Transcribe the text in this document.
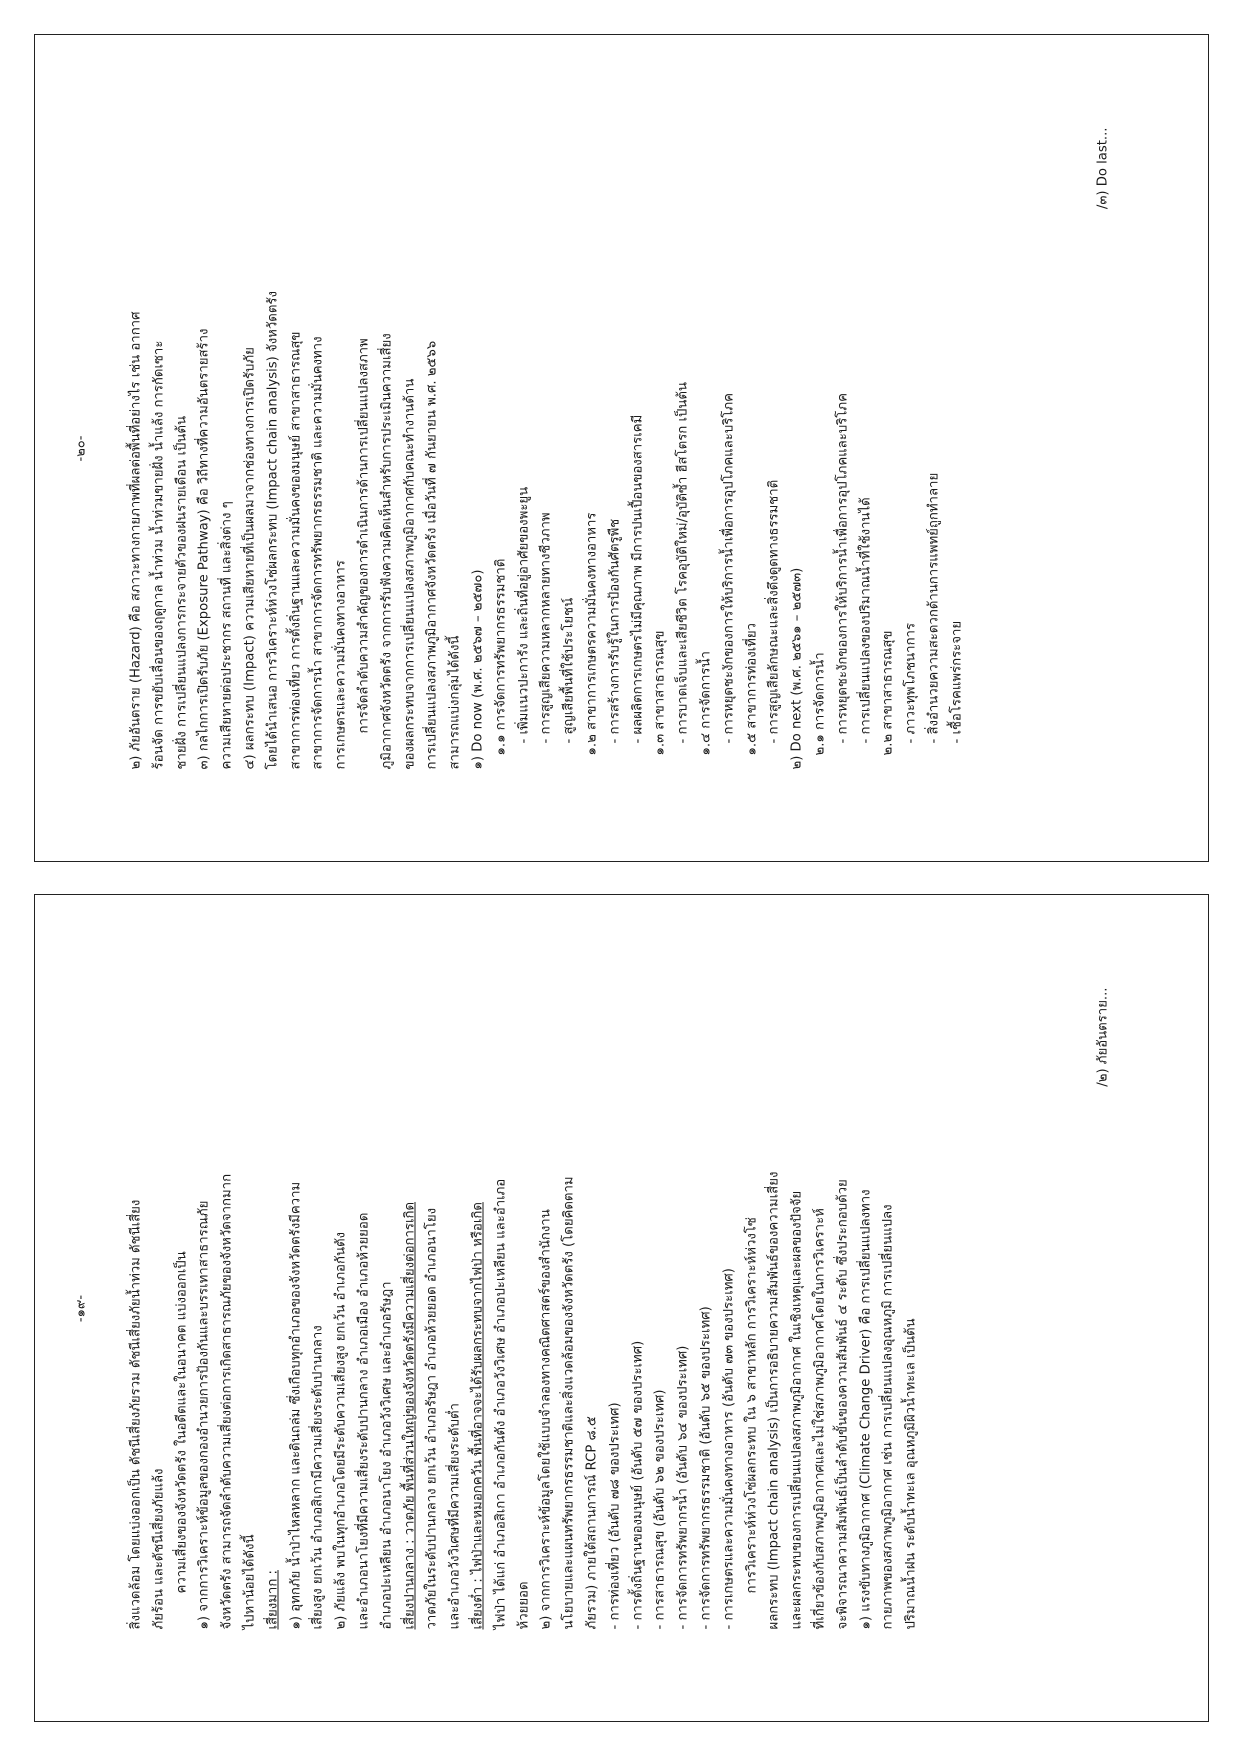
-๒๐-	๒) ภัยอันตราย (Hazard) คือ สภาวะทางกายภาพที่ผลต่อพื้นที่อย่างไร เช่น อากาศ ร้อนจัด การขยับเลื่อนของฤดูกาล น้ำท่วม น้ำท่วมขายฝั่ง น้ำแล้ง การกัดเซาะ ชายฝั่ง การเปลี่ยนแปลงการกระจายตัวของฝนรายเดือน เป็นต้น ๓) กลไกการเปิดรับภัย (Exposure Pathway) คือ วิถีทางที่ความอันตรายสร้าง ความเสียหายต่อประชากร สถานที่ และสิ่งต่าง ๆ ๔) ผลกระทบ (Impact) ความเสียหายที่เป็นผลมาจากช่องทางการเปิดรับภัย โดยได้นำเสนอ การวิเคราะห์ห่วงโซ่ผลกระทบ (Impact chain analysis) จังหวัดตรัง สาขาการท่องเที่ยว การตั้งถิ่นฐานและความมั่นคงของมนุษย์ สาขาสาธารณสุข สาขาการจัดการน้ำ สาขาการจัดการทรัพยากรธรรมชาติ และความมั่นคงทาง การเกษตรและความมั่นคงทางอาหาร การจัดลำดับความสำคัญของการดำเนินการด้านการเปลี่ยนแปลงสภาพ ภูมิอากาศจังหวัดตรัง จากการรับฟังความคิดเห็นสำหรับการประเมินความเสี่ยง ของผลกระทบจากการเปลี่ยนแปลงสภาพภูมิอากาศกับคณะทำงานด้าน การเปลี่ยนแปลงสภาพภูมิอากาศจังหวัดตรัง เมื่อวันที่ ๗ กันยายน พ.ศ. ๒๕๖๖ สามารถแบ่งกลุ่มได้ดังนี้ ๑) Do now (พ.ศ. ๒๕๖๗ – ๒๕๗๐) ๑.๑ การจัดการทรัพยากรธรรมชาติ - เพิ่มแนวปะการัง และถิ่นที่อยู่อาศัยของพะยูน - การสูญเสียความหลากหลายทางชีวภาพ - สูญเสียพื้นที่ใช้ประโยชน์ ๑.๒ สาขาการเกษตรความมั่นคงทางอาหาร - การสร้างการรับรู้ในการป้องกันศัตรูพืช - ผลผลิตการเกษตรไม่มีคุณภาพ มีการปนเปื้อนของสารเคมี ๑.๓ สาขาสาธารณสุข - การบาดเจ็บและเสียชีวิต โรคอุบัติใหม่/อุบัติซ้ำ ฮีสโตรก เป็นต้น ๑.๔ การจัดการน้ำ - การหยุดชะงักของการให้บริการน้ำเพื่อการอุปโภคและบริโภค ๑.๕ สาขาการท่องเที่ยว - การสูญเสียลักษณะและสิ่งดึงดูดทางธรรมชาติ ๒) Do next (พ.ศ. ๒๕๖๑ – ๒๕๗๓) ๒.๑ การจัดการน้ำ - การหยุดชะงักของการให้บริการน้ำเพื่อการอุปโภคและบริโภค - การเปลี่ยนแปลงของปริมาณน้ำที่ใช้งานได้ ๒.๒ สาขาสาธารณสุข - ภาวะทุพโภชนาการ - สิ่งอำนวยความสะดวกด้านการแพทย์ถูกทำลาย - เชื้อโรคแพร่กระจาย

/๓) Do last...
-๑๙-	สิ่งแวดล้อม โดยแบ่งออกเป็น ดัชนีเสี่ยงภัยรวม ดัชนีเสี่ยงภัยน้ำท่วม ดัชนีเสี่ยง ภัยร้อน และดัชนีเสี่ยงภัยแล้ง ความเสี่ยงของจังหวัดตรัง ในอดีตและในอนาคต แบ่งออกเป็น ๑) จากการวิเคราะห์ข้อมูลของกองอำนวยการป้องกันและบรรเทาสาธารณภัย จังหวัดตรัง สามารถจัดลำดับความเสี่ยงต่อการเกิดสาธารณภัยของจังหวัดจากมาก ไปหาน้อยได้ดังนี้ เสี่ยงมาก : ๑) อุทกภัย น้ำป่าไหลหลาก และดินถล่ม ซึ่งเกือบทุกอำเภอของจังหวัดตรังมีความ เสี่ยงสูง ยกเว้น อำเภอสิเกามีความเสี่ยงระดับปานกลาง ๒) ภัยแล้ง พบในทุกอำเภอโดยมีระดับความเสี่ยงสูง ยกเว้น อำเภอกันตัง และอำเภอนาโยงที่มีความเสี่ยงระดับปานกลาง อำเภอเมือง อำเภอห้วยยอด อำเภอปะเหลียน อำเภอนาโยง อำเภอวังวิเศษ และอำเภอรัษฎา เสี่ยงปานกลาง : วาตภัย พื้นที่ส่วนใหญ่ของจังหวัดตรังมีความเสี่ยงต่อการเกิด วาตภัยในระดับปานกลาง ยกเว้น อำเภอรัษฎา อำเภอห้วยยอด อำเภอนาโยง และอำเภอวังวิเศษที่มีความเสี่ยงระดับต่ำ เสี่ยงต่ำ : ไฟป่าและหมอกควัน พื้นที่อาจจะได้รับผลกระทบจากไฟป่า หรือเกิด ไฟป่า ได้แก่ อำเภอสิเกา อำเภอกันตัง อำเภอวังวิเศษ อำเภอปะเหลียน และอำเภอ ห้วยยอด ๒) จากการวิเคราะห์ข้อมูลโดยใช้แบบจำลองทางคณิตศาสตร์ของสำนักงาน นโยบายและแผนทรัพยากรธรรมชาติและสิ่งแวดล้อมของจังหวัดตรัง (โดยคิดตาม ภัยรวม) ภายใต้สถานการณ์ RCP ๘.๕ - การท่องเที่ยว (อันดับ ๗๘ ของประเทศ) - การตั้งถิ่นฐานของมนุษย์ (อันดับ ๕๗ ของประเทศ) - การสาธารณสุข (อันดับ ๖๒ ของประเทศ) - การจัดการทรัพยากรน้ำ (อันดับ ๖๔ ของประเทศ) - การจัดการทรัพยากรธรรมชาติ (อันดับ ๖๕ ของประเทศ) - การเกษตรและความมั่นคงทางอาหาร (อันดับ ๗๓ ของประเทศ) การวิเคราะห์ห่วงโซ่ผลกระทบ ใน ๖ สาขาหลัก การวิเคราะห์ห่วงโซ่ ผลกระทบ (Impact chain analysis) เป็นการอธิบายความสัมพันธ์ของความเสี่ยง และผลกระทบของการเปลี่ยนแปลงสภาพภูมิอากาศ ในเชิงเหตุและผลของปัจจัย ที่เกี่ยวข้องกับสภาพภูมิอากาศและไม่ใช่สภาพภูมิอากาศโดยในการวิเคราะห์ จะพิจารณาความสัมพันธ์เป็นลำดับขั้นของความสัมพันธ์ ๔ ระดับ ซึ่งประกอบด้วย ๑) แรงขับทางภูมิอากาศ (Climate Change Driver) คือ การเปลี่ยนแปลงทาง กายภาพของสภาพภูมิอากาศ เช่น การเปลี่ยนแปลงอุณหภูมิ การเปลี่ยนแปลง ปริมาณน้ำฝน ระดับน้ำทะเล อุณหภูมิผิวน้ำทะเล เป็นต้น

/๒) ภัยอันตราย...
